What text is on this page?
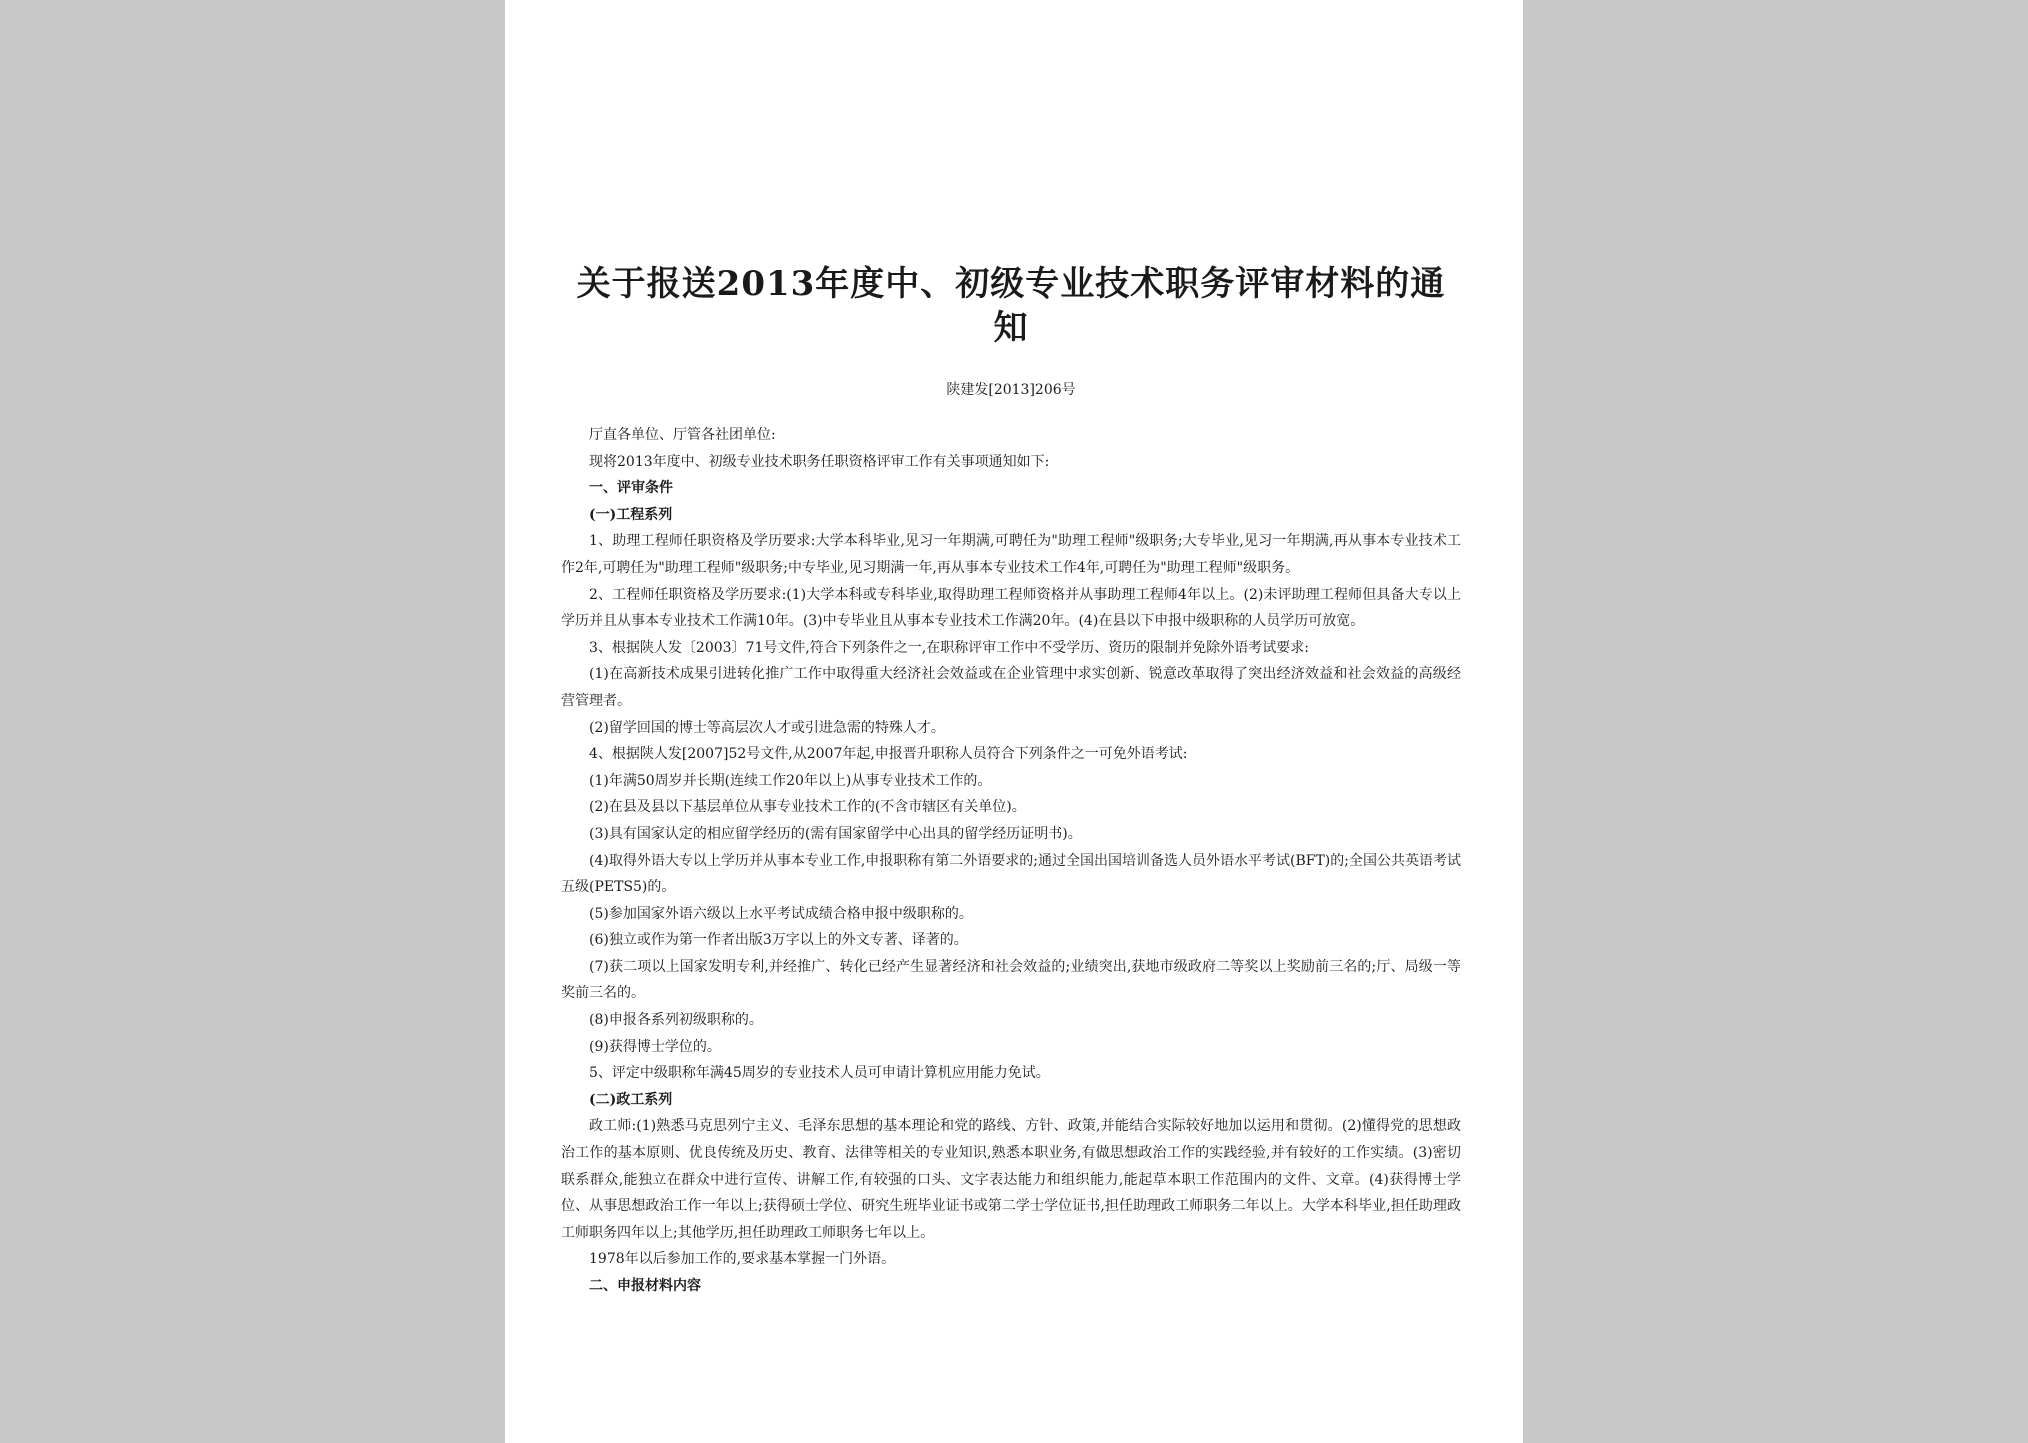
关于报送2013年度中、初级专业技术职务评审材料的通知
陕建发[2013]206号

厅直各单位、厅管各社团单位:

现将2013年度中、初级专业技术职务任职资格评审工作有关事项通知如下:

一、评审条件

(一)工程系列

1、助理工程师任职资格及学历要求:大学本科毕业,见习一年期满,可聘任为"助理工程师"级职务;大专毕业,见习一年期满,再从事本专业技术工作2年,可聘任为"助理工程师"级职务;中专毕业,见习期满一年,再从事本专业技术工作4年,可聘任为"助理工程师"级职务。

2、工程师任职资格及学历要求:(1)大学本科或专科毕业,取得助理工程师资格并从事助理工程师4年以上。(2)未评助理工程师但具备大专以上学历并且从事本专业技术工作满10年。(3)中专毕业且从事本专业技术工作满20年。(4)在县以下申报中级职称的人员学历可放宽。

3、根据陕人发〔2003〕71号文件,符合下列条件之一,在职称评审工作中不受学历、资历的限制并免除外语考试要求:

(1)在高新技术成果引进转化推广工作中取得重大经济社会效益或在企业管理中求实创新、锐意改革取得了突出经济效益和社会效益的高级经营管理者。

(2)留学回国的博士等高层次人才或引进急需的特殊人才。

4、根据陕人发[2007]52号文件,从2007年起,申报晋升职称人员符合下列条件之一可免外语考试:

(1)年满50周岁并长期(连续工作20年以上)从事专业技术工作的。

(2)在县及县以下基层单位从事专业技术工作的(不含市辖区有关单位)。

(3)具有国家认定的相应留学经历的(需有国家留学中心出具的留学经历证明书)。

(4)取得外语大专以上学历并从事本专业工作,申报职称有第二外语要求的;通过全国出国培训备选人员外语水平考试(BFT)的;全国公共英语考试五级(PETS5)的。

(5)参加国家外语六级以上水平考试成绩合格申报中级职称的。

(6)独立或作为第一作者出版3万字以上的外文专著、译著的。

(7)获二项以上国家发明专利,并经推广、转化已经产生显著经济和社会效益的;业绩突出,获地市级政府二等奖以上奖励前三名的;厅、局级一等奖前三名的。

(8)申报各系列初级职称的。

(9)获得博士学位的。

5、评定中级职称年满45周岁的专业技术人员可申请计算机应用能力免试。

(二)政工系列

政工师:(1)熟悉马克思列宁主义、毛泽东思想的基本理论和党的路线、方针、政策,并能结合实际较好地加以运用和贯彻。(2)懂得党的思想政治工作的基本原则、优良传统及历史、教育、法律等相关的专业知识,熟悉本职业务,有做思想政治工作的实践经验,并有较好的工作实绩。(3)密切联系群众,能独立在群众中进行宣传、讲解工作,有较强的口头、文字表达能力和组织能力,能起草本职工作范围内的文件、文章。(4)获得博士学位、从事思想政治工作一年以上;获得硕士学位、研究生班毕业证书或第二学士学位证书,担任助理政工师职务二年以上。大学本科毕业,担任助理政工师职务四年以上;其他学历,担任助理政工师职务七年以上。

1978年以后参加工作的,要求基本掌握一门外语。

二、申报材料内容
